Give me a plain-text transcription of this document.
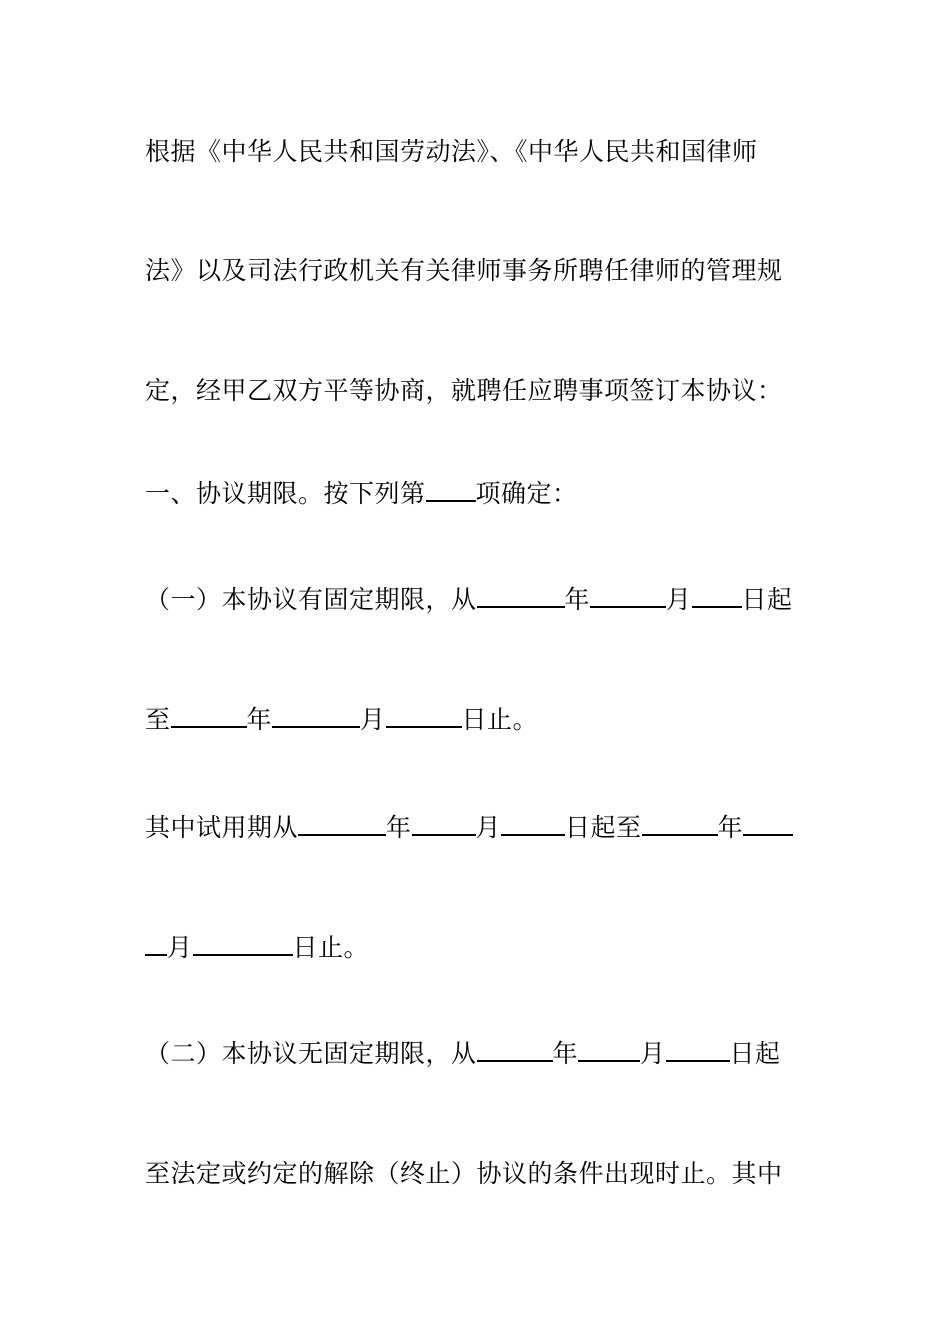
根据《中华人民共和国劳动法》、《中华人民共和国律师
法》以及司法行政机关有关律师事务所聘任律师的管理规
定，经甲乙双方平等协商，就聘任应聘事项签订本协议：
一、协议期限。按下列第 项确定：
（一）本协议有固定期限，从	年	月 日起
至	年	月	日止。
其中试用期从	年	月	日起至	年
月	日止。
（二）本协议无固定期限，从	年 月	日起
至法定或约定的解除（终止）协议的条件出现时止。其中
